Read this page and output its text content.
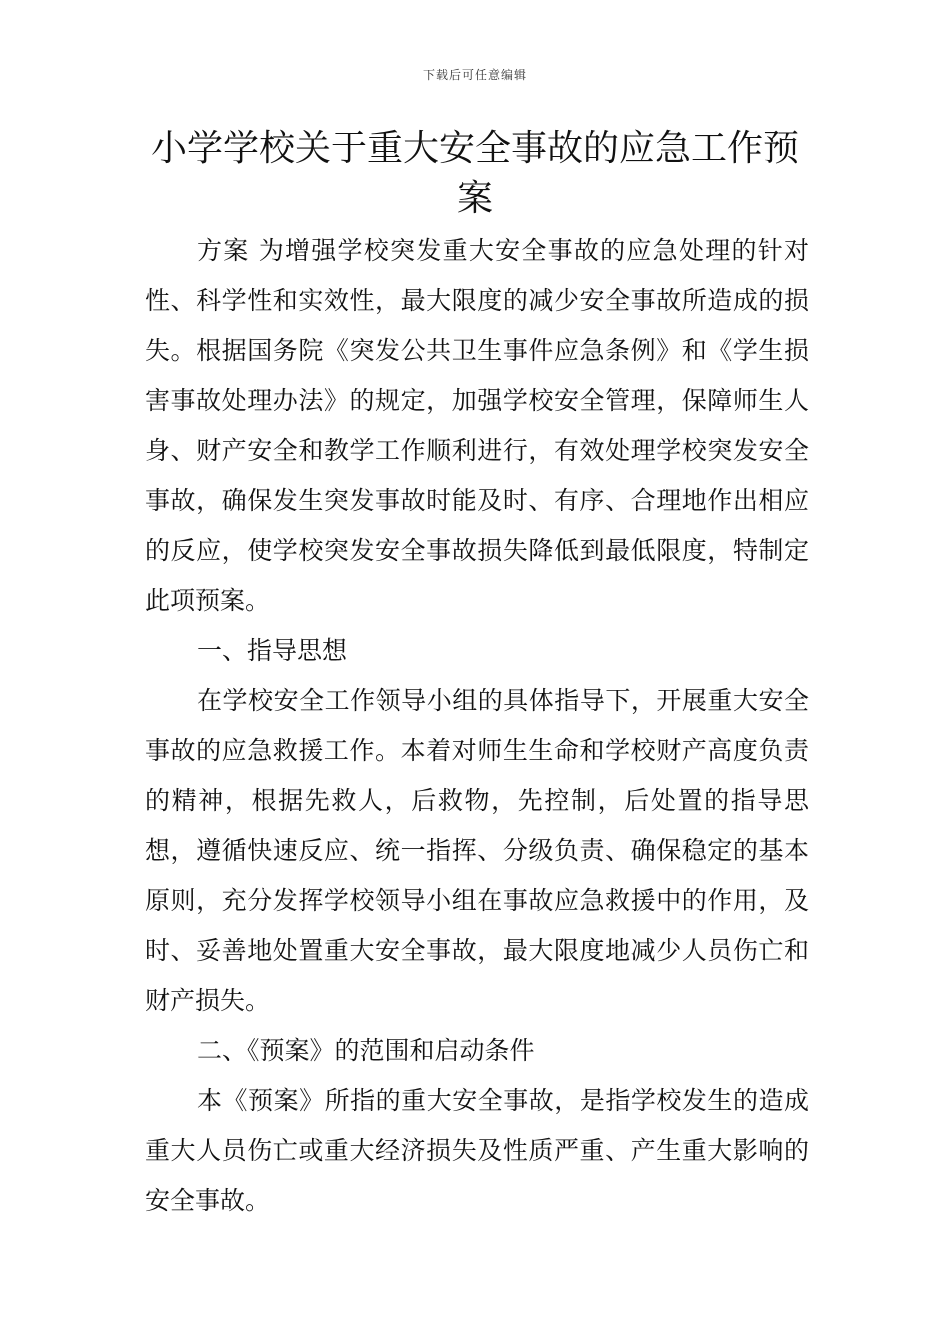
下载后可任意编辑
小学学校关于重大安全事故的应急工作预案

方案 为增强学校突发重大安全事故的应急处理的针对性、科学性和实效性，最大限度的减少安全事故所造成的损失。根据国务院《突发公共卫生事件应急条例》和《学生损害事故处理办法》的规定，加强学校安全管理，保障师生人身、财产安全和教学工作顺利进行，有效处理学校突发安全事故，确保发生突发事故时能及时、有序、合理地作出相应的反应，使学校突发安全事故损失降低到最低限度，特制定此项预案。

一、指导思想

在学校安全工作领导小组的具体指导下，开展重大安全事故的应急救援工作。本着对师生生命和学校财产高度负责的精神，根据先救人，后救物，先控制，后处置的指导思想，遵循快速反应、统一指挥、分级负责、确保稳定的基本原则，充分发挥学校领导小组在事故应急救援中的作用，及时、妥善地处置重大安全事故，最大限度地减少人员伤亡和财产损失。

二、《预案》的范围和启动条件

本《预案》所指的重大安全事故，是指学校发生的造成重大人员伤亡或重大经济损失及性质严重、产生重大影响的安全事故。
